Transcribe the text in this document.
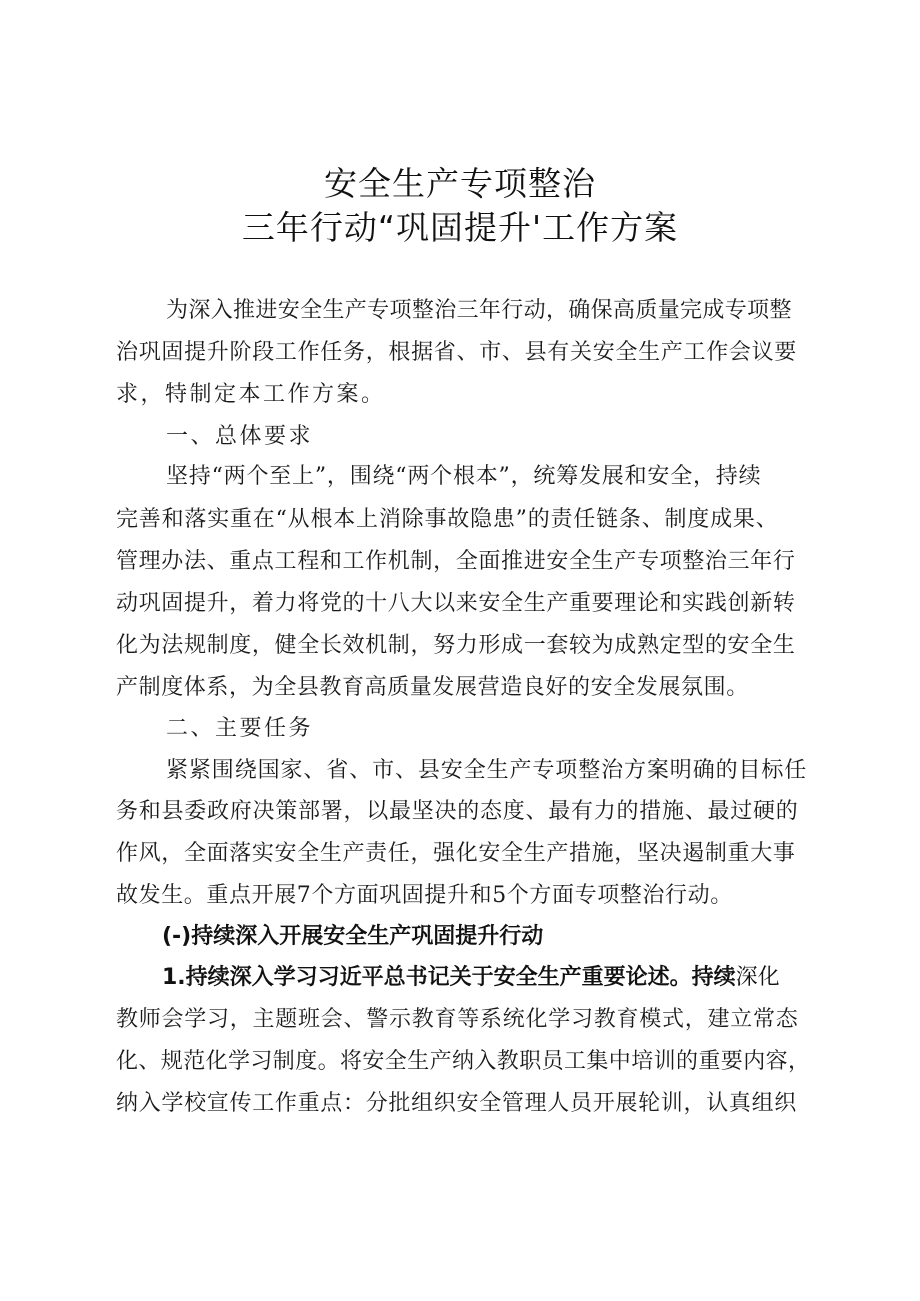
安全生产专项整治
三年行动“巩固提升'工作方案
为深入推进安全生产专项整治三年行动，确保高质量完成专项整
治巩固提升阶段工作任务，根据省、市、县有关安全生产工作会议要
求，特制定本工作方案。
一、总体要求
坚持“两个至上”，围绕“两个根本”，统筹发展和安全，持续
完善和落实重在“从根本上消除事故隐患”的责任链条、制度成果、
管理办法、重点工程和工作机制，全面推进安全生产专项整治三年行
动巩固提升，着力将党的十八大以来安全生产重要理论和实践创新转
化为法规制度，健全长效机制，努力形成一套较为成熟定型的安全生
产制度体系，为全县教育高质量发展营造良好的安全发展氛围。
二、主要任务
紧紧围绕国家、省、市、县安全生产专项整治方案明确的目标任
务和县委政府决策部署，以最坚决的态度、最有力的措施、最过硬的
作风，全面落实安全生产责任，强化安全生产措施，坚决遏制重大事
故发生。重点开展7个方面巩固提升和5个方面专项整治行动。
(-)持续深入开展安全生产巩固提升行动
1.持续深入学习习近平总书记关于安全生产重要论述。持续深化
教师会学习，主题班会、警示教育等系统化学习教育模式，建立常态
化、规范化学习制度。将安全生产纳入教职员工集中培训的重要内容，
纳入学校宣传工作重点：分批组织安全管理人员开展轮训，认真组织
